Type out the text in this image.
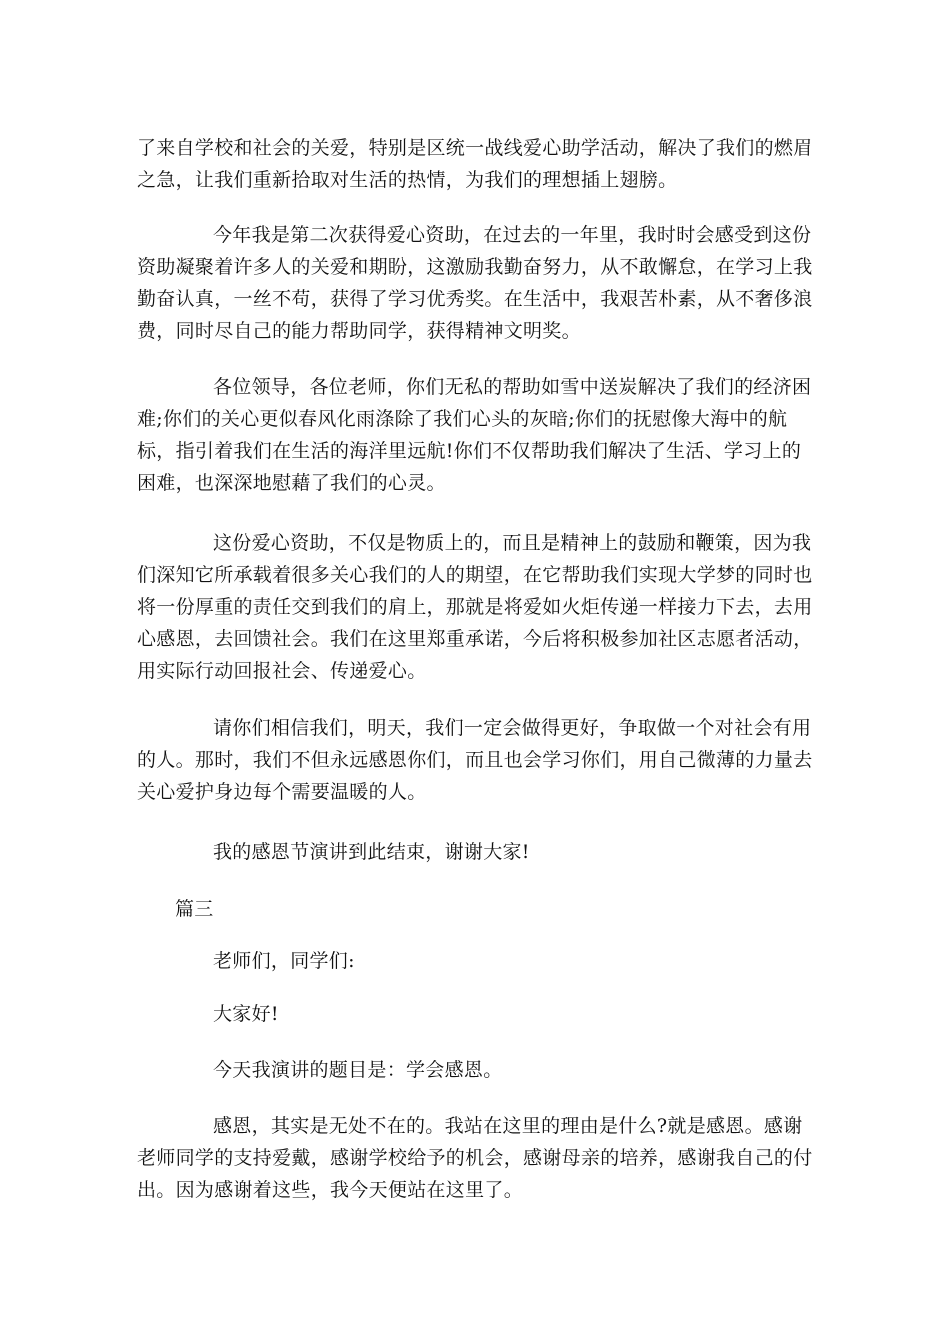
了来自学校和社会的关爱，特别是区统一战线爱心助学活动，解决了我们的燃眉之急，让我们重新拾取对生活的热情，为我们的理想插上翅膀。

今年我是第二次获得爱心资助，在过去的一年里，我时时会感受到这份资助凝聚着许多人的关爱和期盼，这激励我勤奋努力，从不敢懈怠，在学习上我勤奋认真，一丝不苟，获得了学习优秀奖。在生活中，我艰苦朴素，从不奢侈浪费，同时尽自己的能力帮助同学，获得精神文明奖。

各位领导，各位老师，你们无私的帮助如雪中送炭解决了我们的经济困难;你们的关心更似春风化雨涤除了我们心头的灰暗;你们的抚慰像大海中的航标，指引着我们在生活的海洋里远航!你们不仅帮助我们解决了生活、学习上的困难，也深深地慰藉了我们的心灵。

这份爱心资助，不仅是物质上的，而且是精神上的鼓励和鞭策，因为我们深知它所承载着很多关心我们的人的期望，在它帮助我们实现大学梦的同时也将一份厚重的责任交到我们的肩上，那就是将爱如火炬传递一样接力下去，去用心感恩，去回馈社会。我们在这里郑重承诺，今后将积极参加社区志愿者活动，用实际行动回报社会、传递爱心。

请你们相信我们，明天，我们一定会做得更好，争取做一个对社会有用的人。那时，我们不但永远感恩你们，而且也会学习你们，用自己微薄的力量去关心爱护身边每个需要温暖的人。

我的感恩节演讲到此结束，谢谢大家!

篇三

老师们，同学们:

大家好!

今天我演讲的题目是：学会感恩。

感恩，其实是无处不在的。我站在这里的理由是什么?就是感恩。感谢老师同学的支持爱戴，感谢学校给予的机会，感谢母亲的培养，感谢我自己的付出。因为感谢着这些，我今天便站在这里了。
